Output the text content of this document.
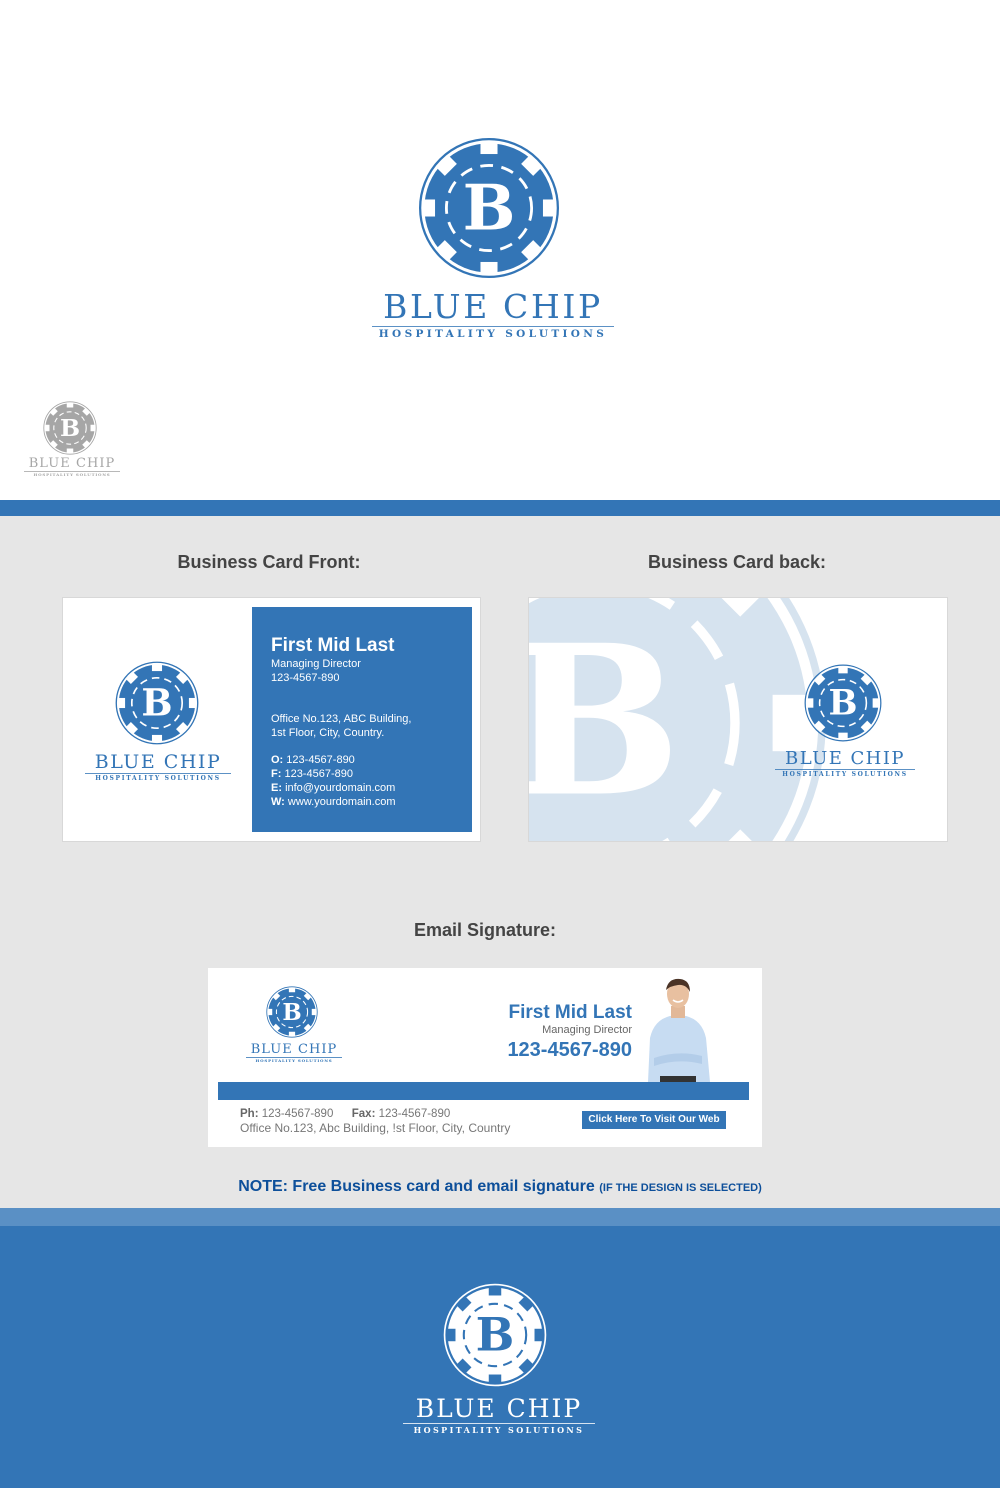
BLUE CHIP
HOSPITALITY SOLUTIONS
BLUE CHIP
HOSPITALITY SOLUTIONS
Business Card Front:	Business Card back:
BLUE CHIP
HOSPITALITY SOLUTIONS
First Mid Last
Managing Director
123-4567-890
Office No.123, ABC Building,
1st Floor, City, Country.
O: 123-4567-890
F: 123-4567-890
E: info@yourdomain.com
W: www.yourdomain.com
BLUE CHIP
HOSPITALITY SOLUTIONS
Email Signature:
BLUE CHIP
HOSPITALITY SOLUTIONS
First Mid Last
Managing Director
123-4567-890
Ph: 123-4567-890 Fax: 123-4567-890
Office No.123, Abc Building, !st Floor, City, Country
Click Here To Visit Our Web
NOTE: Free Business card and email signature (IF THE DESIGN IS SELECTED)
BLUE CHIP
HOSPITALITY SOLUTIONS
